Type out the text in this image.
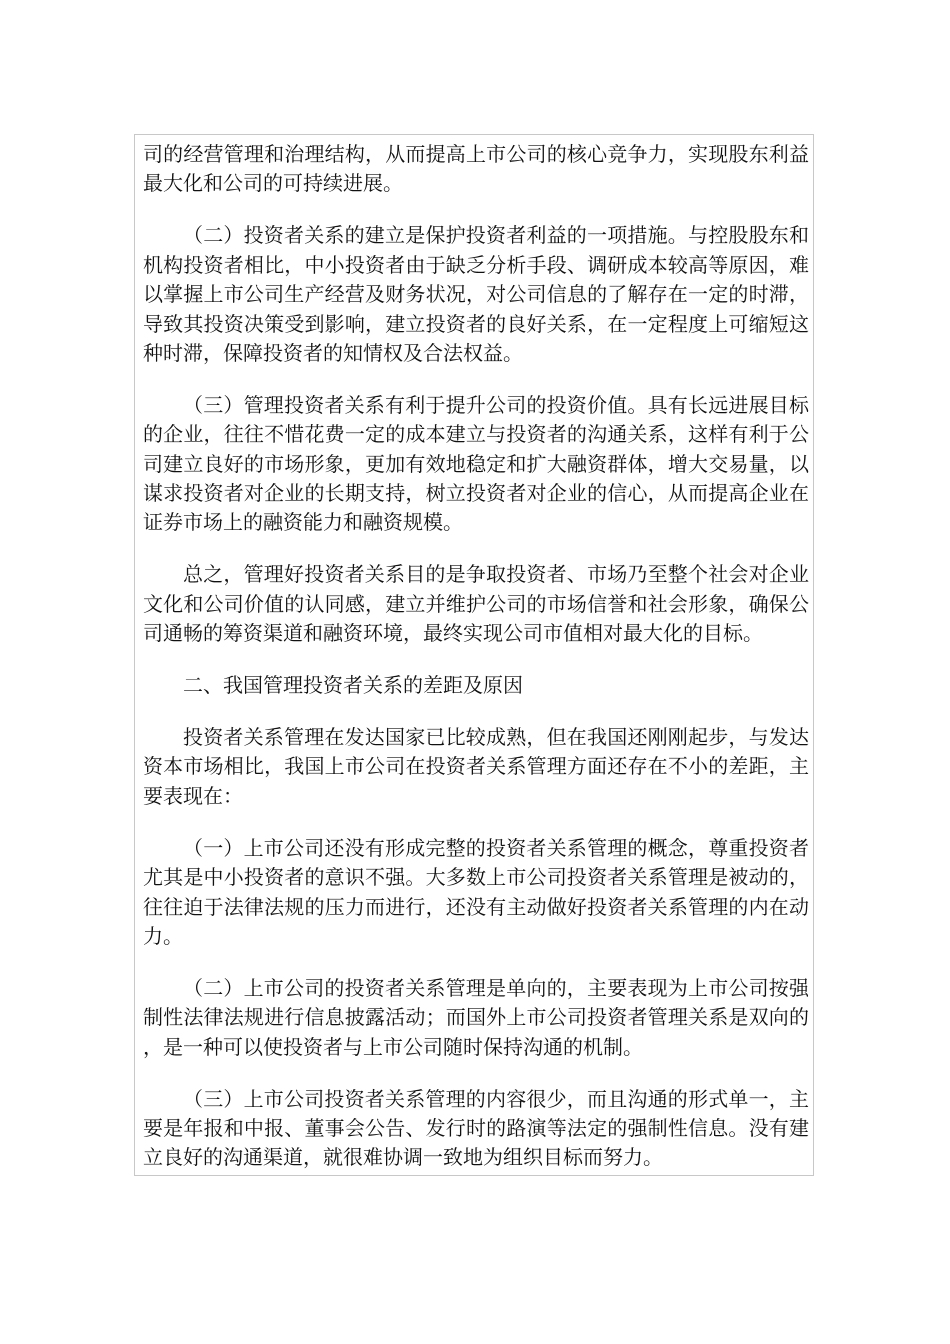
司的经营管理和治理结构，从而提高上市公司的核心竞争力，实现股东利益最大化和公司的可持续进展。

（二）投资者关系的建立是保护投资者利益的一项措施。与控股股东和机构投资者相比，中小投资者由于缺乏分析手段、调研成本较高等原因，难以掌握上市公司生产经营及财务状况，对公司信息的了解存在一定的时滞，导致其投资决策受到影响，建立投资者的良好关系，在一定程度上可缩短这种时滞，保障投资者的知情权及合法权益。

（三）管理投资者关系有利于提升公司的投资价值。具有长远进展目标的企业，往往不惜花费一定的成本建立与投资者的沟通关系，这样有利于公司建立良好的市场形象，更加有效地稳定和扩大融资群体，增大交易量，以谋求投资者对企业的长期支持，树立投资者对企业的信心，从而提高企业在证券市场上的融资能力和融资规模。

总之，管理好投资者关系目的是争取投资者、市场乃至整个社会对企业文化和公司价值的认同感，建立并维护公司的市场信誉和社会形象，确保公司通畅的筹资渠道和融资环境，最终实现公司市值相对最大化的目标。

二、我国管理投资者关系的差距及原因

投资者关系管理在发达国家已比较成熟，但在我国还刚刚起步，与发达资本市场相比，我国上市公司在投资者关系管理方面还存在不小的差距，主要表现在：

（一）上市公司还没有形成完整的投资者关系管理的概念，尊重投资者尤其是中小投资者的意识不强。大多数上市公司投资者关系管理是被动的，往往迫于法律法规的压力而进行，还没有主动做好投资者关系管理的内在动力。

（二）上市公司的投资者关系管理是单向的，主要表现为上市公司按强制性法律法规进行信息披露活动；而国外上市公司投资者管理关系是双向的，是一种可以使投资者与上市公司随时保持沟通的机制。

（三）上市公司投资者关系管理的内容很少，而且沟通的形式单一，主要是年报和中报、董事会公告、发行时的路演等法定的强制性信息。没有建立良好的沟通渠道，就很难协调一致地为组织目标而努力。
